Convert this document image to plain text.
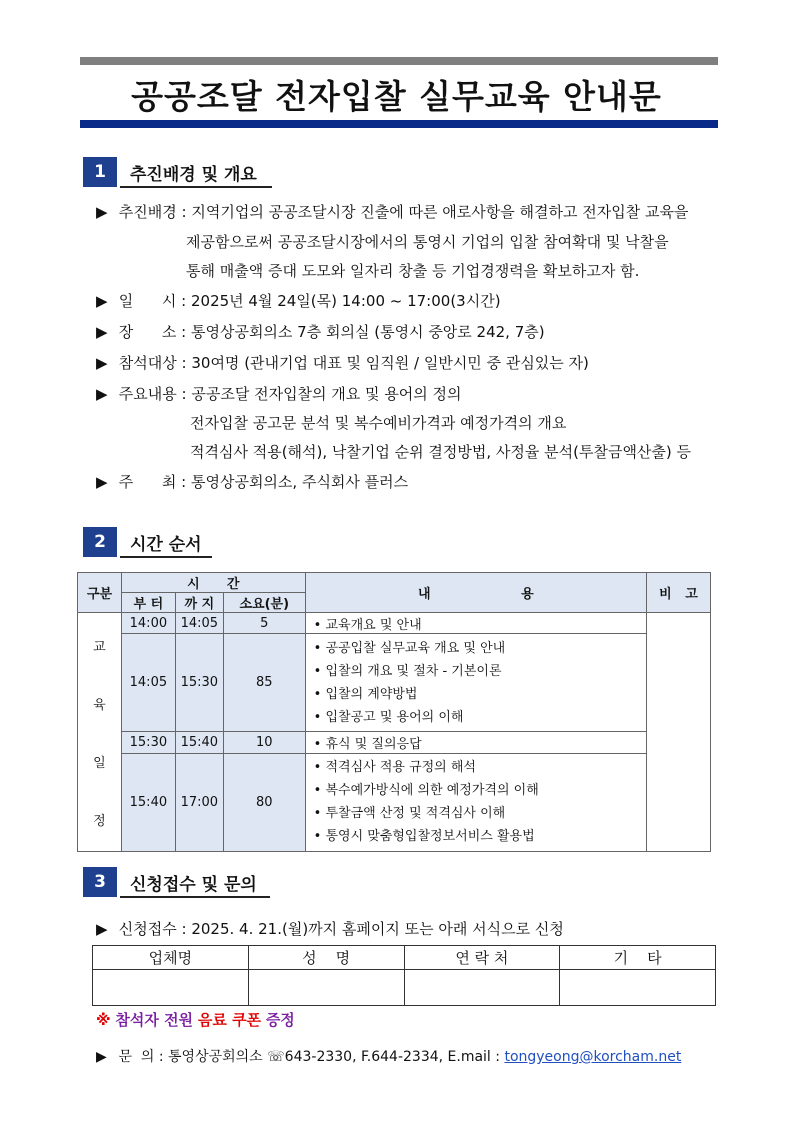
공공조달 전자입찰 실무교육 안내문
1	추진배경 및 개요
▶ 추진배경 : 지역기업의 공공조달시장 진출에 따른 애로사항을 해결하고 전자입찰 교육을
제공함으로써 공공조달시장에서의 통영시 기업의 입찰 참여확대 및 낙찰을
통해 매출액 증대 도모와 일자리 창출 등 기업경쟁력을 확보하고자 함.
▶ 일      시 : 2025년 4월 24일(목) 14:00 ~ 17:00(3시간)
▶ 장      소 : 통영상공회의소 7층 회의실 (통영시 중앙로 242, 7층)
▶ 참석대상 : 30여명 (관내기업 대표 및 임직원 / 일반시민 중 관심있는 자)
▶ 주요내용 : 공공조달 전자입찰의 개요 및 용어의 정의
전자입찰 공고문 분석 및 복수예비가격과 예정가격의 개요
적격심사 적용(해석), 낙찰기업 순위 결정방법, 사정율 분석(투찰금액산출) 등
▶ 주      최 : 통영상공회의소, 주식회사 플러스
2	시간 순서
구분	시      간			내                    용	비   고
	부 터	까 지	소요(분)		

교
육
일
정	14:00	14:05	5	• 교육개요 및 안내	

	14:05	15:30	85	• 공공입찰 실무교육 개요 및 안내
• 입찰의 개요 및 절차 - 기본이론
• 입찰의 계약방법
• 입찰공고 및 용어의 이해	

	15:30	15:40	10	• 휴식 및 질의응답	

	15:40	17:00	80	• 적격심사 적용 규정의 해석
• 복수예가방식에 의한 예정가격의 이해
• 투찰금액 산정 및 적격심사 이해
• 통영시 맞춤형입찰정보서비스 활용법	
3	신청접수 및 문의
▶ 신청접수 : 2025. 4. 21.(월)까지 홈페이지 또는 아래 서식으로 신청
업체명	성    명	연 락 처	기    타

※ 참석자 전원 음료 쿠폰 증정
▶ 문  의 : 통영상공회의소 ☏643-2330, F.644-2334, E.mail : tongyeong@korcham.net
